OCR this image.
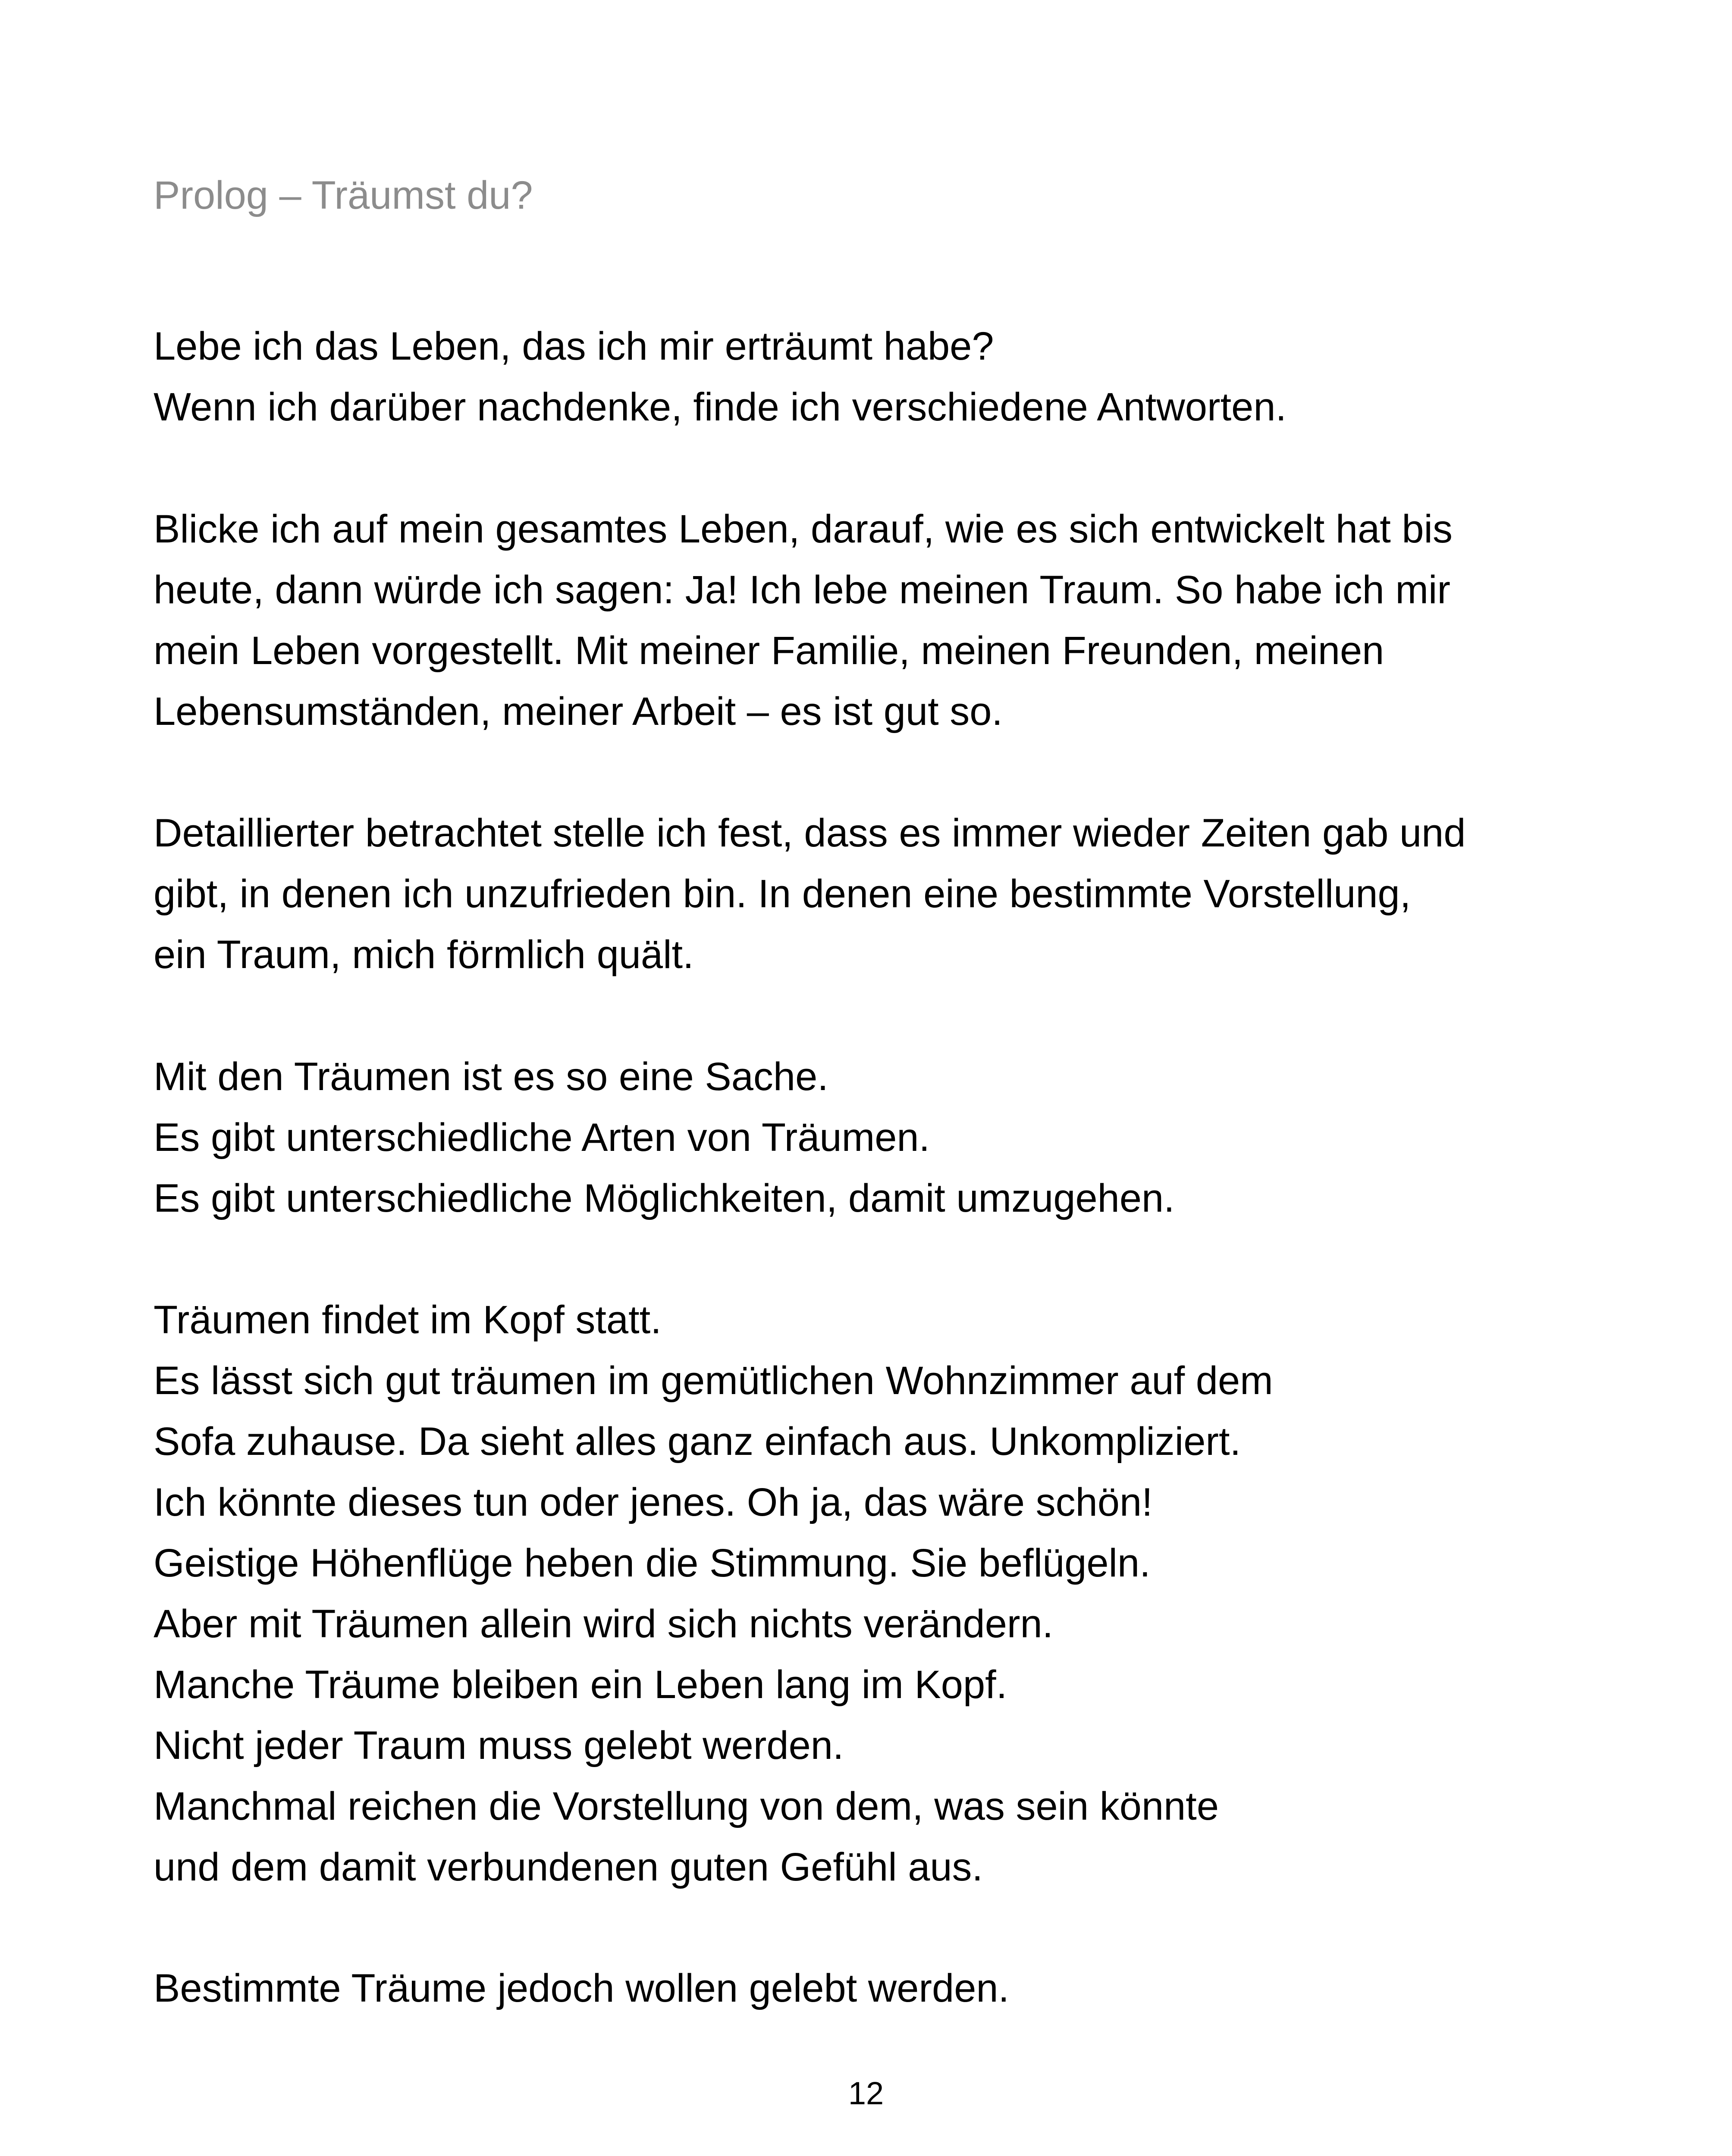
Prolog – Träumst du?
Lebe ich das Leben, das ich mir erträumt habe?
Wenn ich darüber nachdenke, finde ich verschiedene Antworten.
Blicke ich auf mein gesamtes Leben, darauf, wie es sich entwickelt hat bis
heute, dann würde ich sagen: Ja! Ich lebe meinen Traum. So habe ich mir
mein Leben vorgestellt. Mit meiner Familie, meinen Freunden, meinen
Lebensumständen, meiner Arbeit – es ist gut so.
Detaillierter betrachtet stelle ich fest, dass es immer wieder Zeiten gab und
gibt, in denen ich unzufrieden bin. In denen eine bestimmte Vorstellung,
ein Traum, mich förmlich quält.
Mit den Träumen ist es so eine Sache.
Es gibt unterschiedliche Arten von Träumen.
Es gibt unterschiedliche Möglichkeiten, damit umzugehen.
Träumen findet im Kopf statt.
Es lässt sich gut träumen im gemütlichen Wohnzimmer auf dem
Sofa zuhause. Da sieht alles ganz einfach aus. Unkompliziert.
Ich könnte dieses tun oder jenes. Oh ja, das wäre schön!
Geistige Höhenflüge heben die Stimmung. Sie beflügeln.
Aber mit Träumen allein wird sich nichts verändern.
Manche Träume bleiben ein Leben lang im Kopf.
Nicht jeder Traum muss gelebt werden.
Manchmal reichen die Vorstellung von dem, was sein könnte
und dem damit verbundenen guten Gefühl aus.
Bestimmte Träume jedoch wollen gelebt werden.
12
